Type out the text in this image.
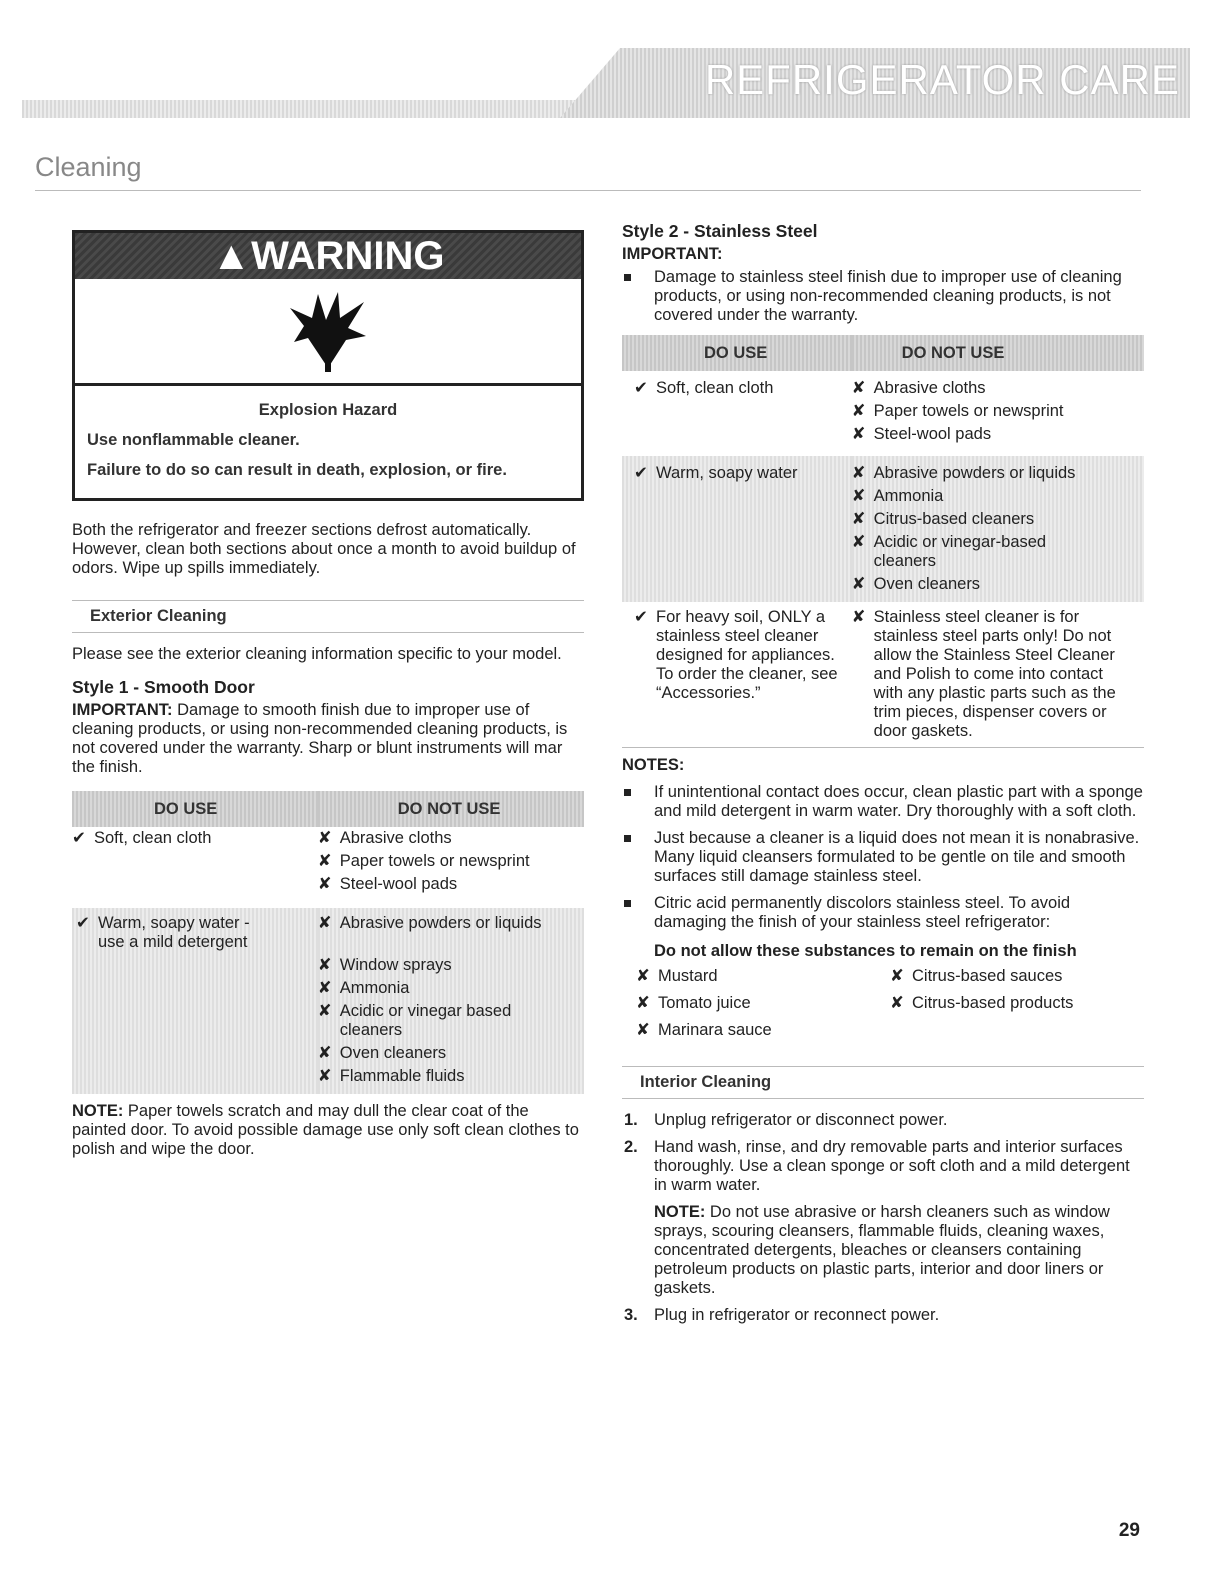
REFRIGERATOR CARE
Cleaning
▲WARNING
Explosion Hazard

Use nonflammable cleaner.

Failure to do so can result in death, explosion, or fire.

Both the refrigerator and freezer sections defrost automatically. However, clean both sections about once a month to avoid buildup of odors. Wipe up spills immediately.

Exterior Cleaning

Please see the exterior cleaning information specific to your model.

Style 1 - Smooth Door

IMPORTANT: Damage to smooth finish due to improper use of cleaning products, or using non-recommended cleaning products, is not covered under the warranty. Sharp or blunt instruments will mar the finish.

DO USE	DO NOT USE
✔ Soft, clean cloth	✘ Abrasive cloths
	✘ Paper towels or newsprint
	✘ Steel-wool pads

✔ Warm, soapy water - use a mild detergent	✘ Abrasive powders or liquids
	✘ Window sprays
	✘ Ammonia

	✘ Acidic or vinegar based cleaners

	✘ Oven cleaners
	✘ Flammable fluids

NOTE: Paper towels scratch and may dull the clear coat of the painted door. To avoid possible damage use only soft clean clothes to polish and wipe the door.

Style 2 - Stainless Steel
IMPORTANT:
Damage to stainless steel finish due to improper use of cleaning products, or using non-recommended cleaning products, is not covered under the warranty.
DO USE	DO NOT USE
✔ Soft, clean cloth	✘ Abrasive cloths
	✘ Paper towels or newsprint
	✘ Steel-wool pads
✔ Warm, soapy water	✘ Abrasive powders or liquids
	✘ Ammonia
	✘ Citrus-based cleaners

	✘ Acidic or vinegar-based cleaners

	✘ Oven cleaners

✔ For heavy soil, ONLY a stainless steel cleaner designed for appliances. To order the cleaner, see “Accessories.”	✘ Stainless steel cleaner is for stainless steel parts only! Do not allow the Stainless Steel Cleaner and Polish to come into contact with any plastic parts such as the trim pieces, dispenser covers or door gaskets.
NOTES:
If unintentional contact does occur, clean plastic part with a sponge and mild detergent in warm water. Dry thoroughly with a soft cloth.
Just because a cleaner is a liquid does not mean it is nonabrasive. Many liquid cleansers formulated to be gentle on tile and smooth surfaces still damage stainless steel.
Citric acid permanently discolors stainless steel. To avoid damaging the finish of your stainless steel refrigerator:
Do not allow these substances to remain on the finish
✘ Mustard	✘ Citrus-based sauces
✘ Tomato juice	✘ Citrus-based products
✘ Marinara sauce
Interior Cleaning
1. Unplug refrigerator or disconnect power.
2. Hand wash, rinse, and dry removable parts and interior surfaces thoroughly. Use a clean sponge or soft cloth and a mild detergent in warm water.
NOTE: Do not use abrasive or harsh cleaners such as window sprays, scouring cleansers, flammable fluids, cleaning waxes, concentrated detergents, bleaches or cleansers containing petroleum products on plastic parts, interior and door liners or gaskets.
3. Plug in refrigerator or reconnect power.
29
